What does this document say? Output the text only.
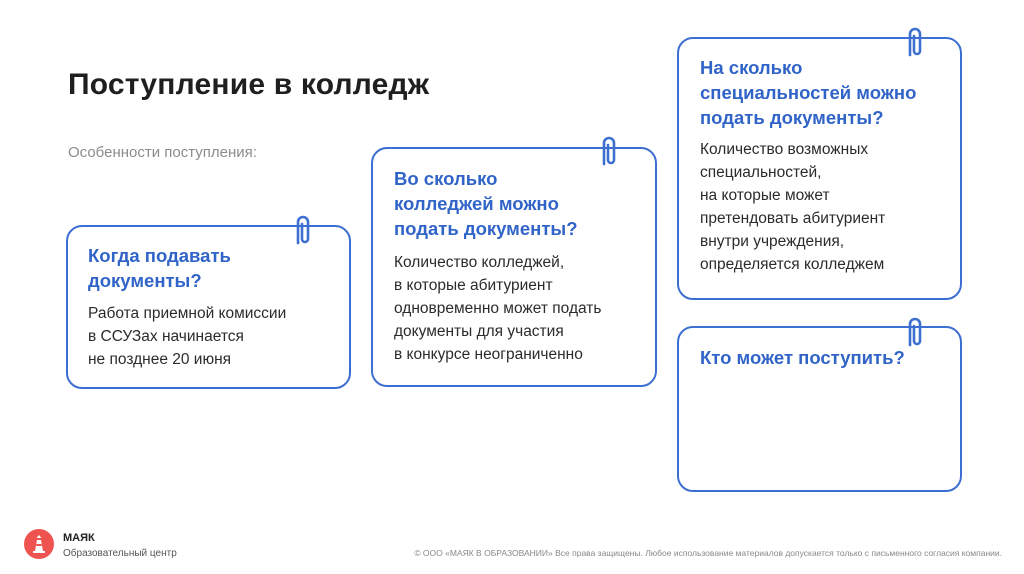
Поступление в колледж
Особенности поступления:
Когда подавать
документы?
Работа приемной комиссии
в ССУЗах начинается
не позднее 20 июня
Во сколько
колледжей можно
подать документы?
Количество колледжей,
в которые абитуриент
одновременно может подать
документы для участия
в конкурсе неограниченно
На сколько
специальностей можно
подать документы?
Количество возможных
специальностей,
на которые может
претендовать абитуриент
внутри учреждения,
определяется колледжем
Кто может поступить?
МАЯК
Образовательный центр	© ООО «МАЯК В ОБРАЗОВАНИИ» Все права защищены. Любое использование материалов допускается только с письменного согласия компании.
